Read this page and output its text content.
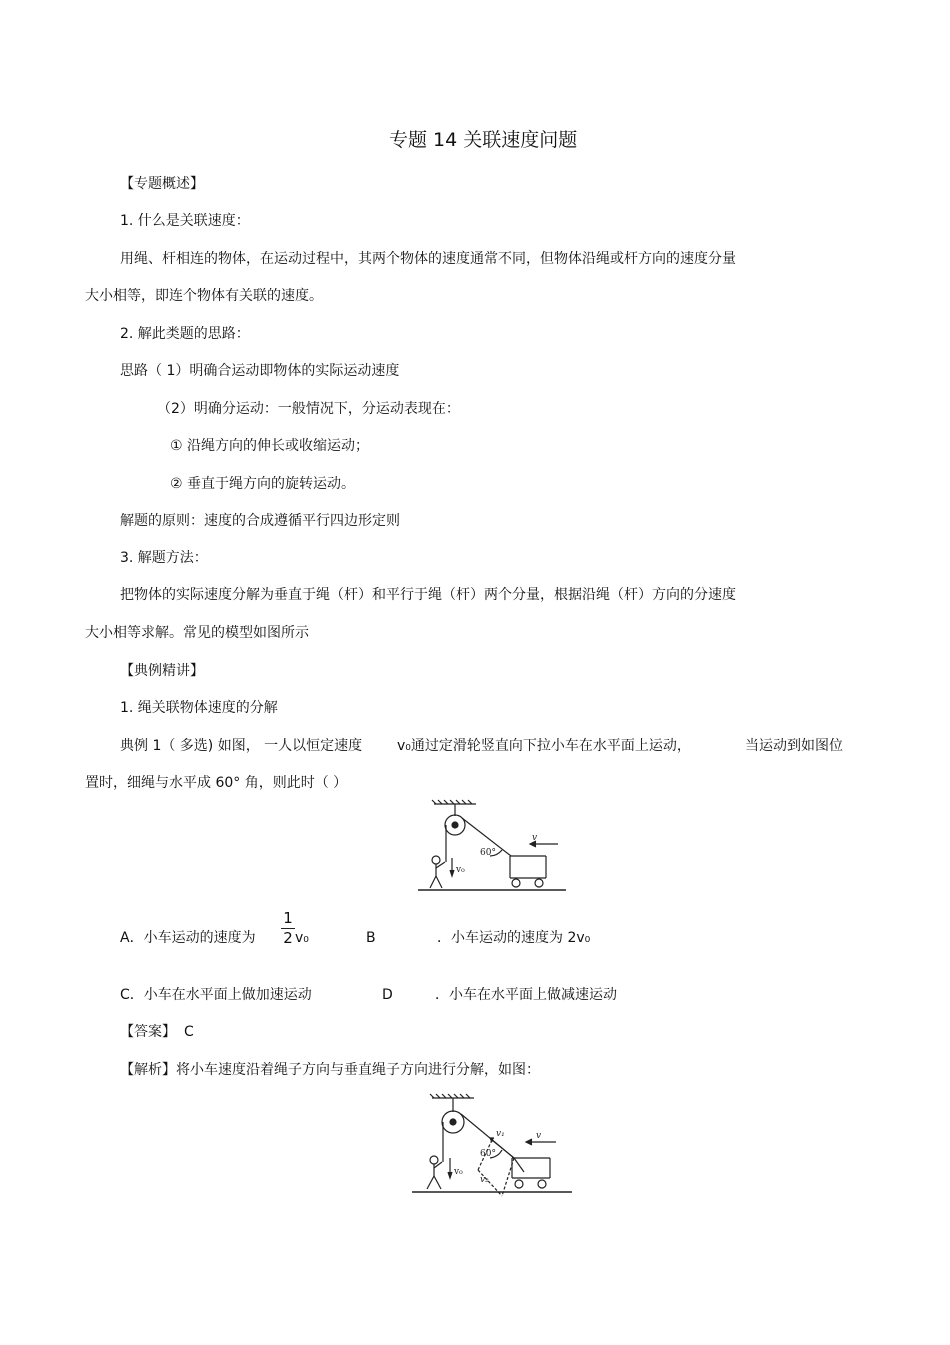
专题 14 关联速度问题
【专题概述】
1. 什么是关联速度：
用绳、杆相连的物体，在运动过程中，其两个物体的速度通常不同，但物体沿绳或杆方向的速度分量
大小相等，即连个物体有关联的速度。
2. 解此类题的思路：
思路（ 1）明确合运动即物体的实际运动速度
（2）明确分运动：一般情况下，分运动表现在：
① 沿绳方向的伸长或收缩运动；
② 垂直于绳方向的旋转运动。
解题的原则：速度的合成遵循平行四边形定则
3. 解题方法：
把物体的实际速度分解为垂直于绳（杆）和平行于绳（杆）两个分量，根据沿绳（杆）方向的分速度
大小相等求解。常见的模型如图所示
【典例精讲】
1. 绳关联物体速度的分解
典例 1（ 多选) 如图， 一人以恒定速度 v₀通过定滑轮竖直向下拉小车在水平面上运动，	当运动到如图位
置时，细绳与水平成 60° 角，则此时（ ）
v₀
60°
v
A．小车运动的速度为
1
2 v₀	B	．小车运动的速度为 2v₀
C．小车在水平面上做加速运动	D	．小车在水平面上做减速运动
【答案】 C
【解析】将小车速度沿着绳子方向与垂直绳子方向进行分解，如图：
v₀
60°
v
v₁
v₂
